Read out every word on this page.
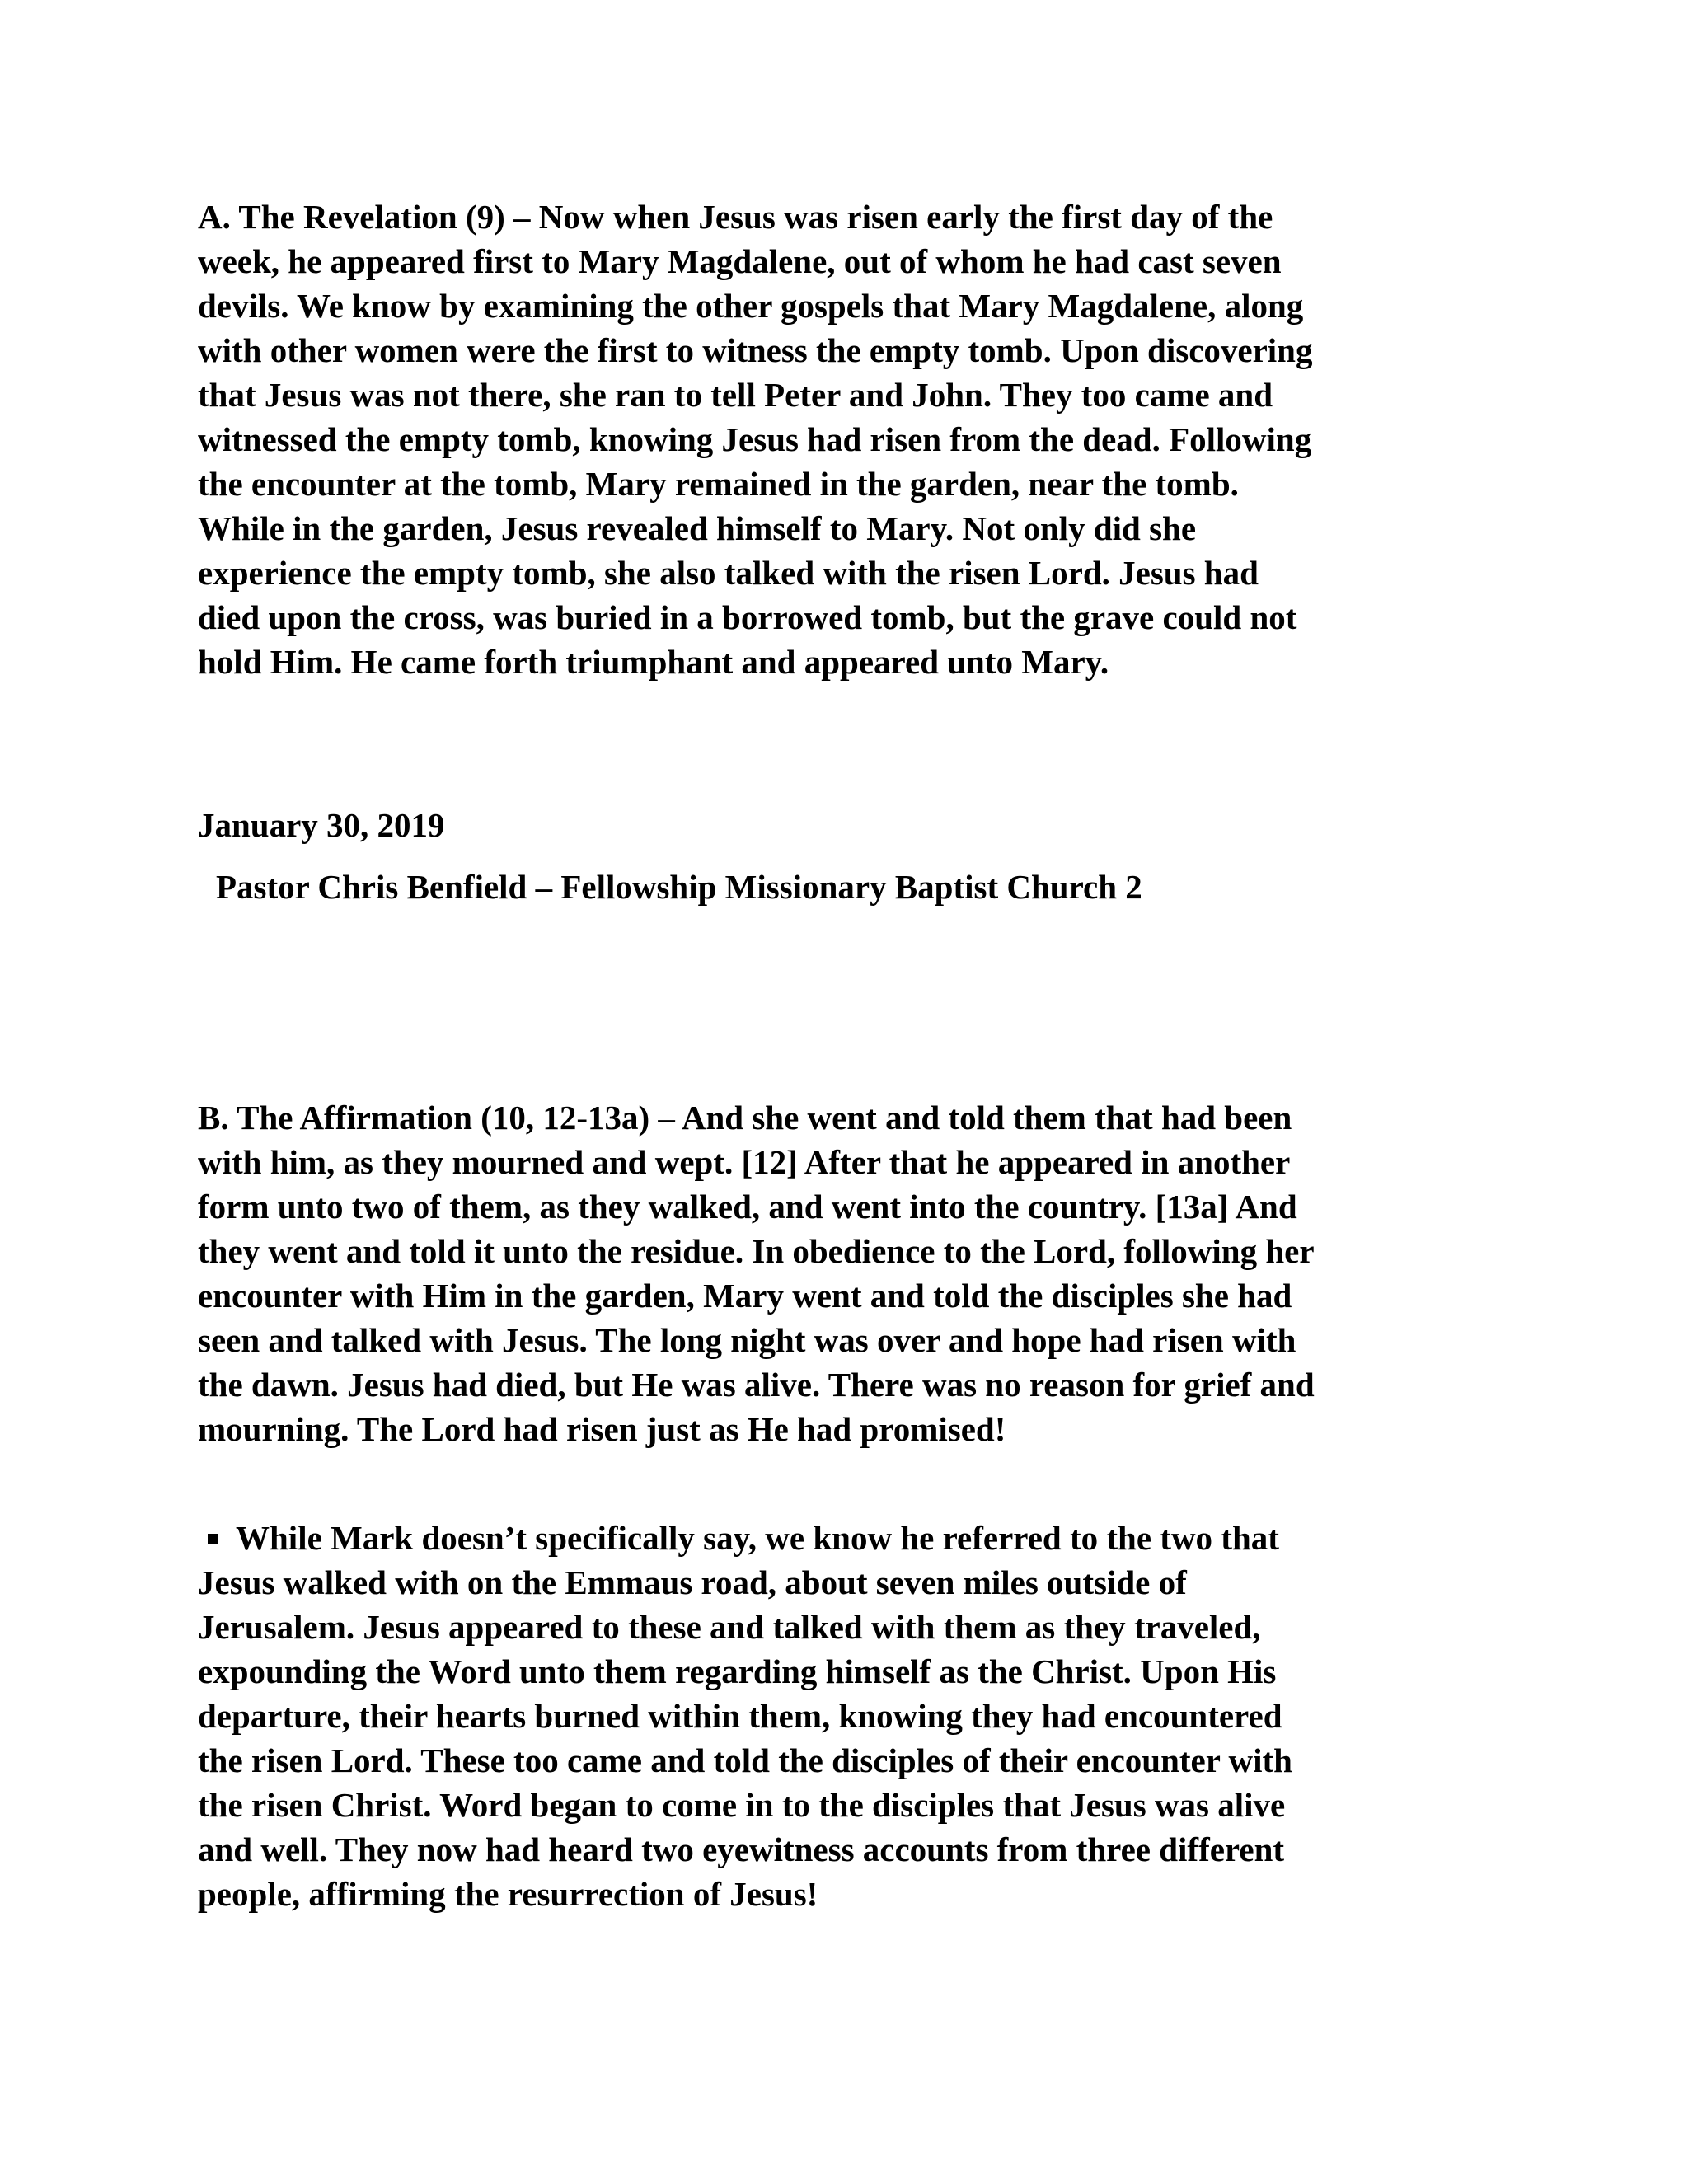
A. The Revelation (9) – Now when Jesus was risen early the first day of the
week, he appeared first to Mary Magdalene, out of whom he had cast seven
devils. We know by examining the other gospels that Mary Magdalene, along
with other women were the first to witness the empty tomb. Upon discovering
that Jesus was not there, she ran to tell Peter and John. They too came and
witnessed the empty tomb, knowing Jesus had risen from the dead. Following
the encounter at the tomb, Mary remained in the garden, near the tomb.
While in the garden, Jesus revealed himself to Mary. Not only did she
experience the empty tomb, she also talked with the risen Lord. Jesus had
died upon the cross, was buried in a borrowed tomb, but the grave could not
hold Him. He came forth triumphant and appeared unto Mary.
January 30, 2019
Pastor Chris Benfield – Fellowship Missionary Baptist Church 2
B. The Affirmation (10, 12-13a) – And she went and told them that had been
with him, as they mourned and wept. [12] After that he appeared in another
form unto two of them, as they walked, and went into the country. [13a] And
they went and told it unto the residue. In obedience to the Lord, following her
encounter with Him in the garden, Mary went and told the disciples she had
seen and talked with Jesus. The long night was over and hope had risen with
the dawn. Jesus had died, but He was alive. There was no reason for grief and
mourning. The Lord had risen just as He had promised!
While Mark doesn’t specifically say, we know he referred to the two that
Jesus walked with on the Emmaus road, about seven miles outside of
Jerusalem. Jesus appeared to these and talked with them as they traveled,
expounding the Word unto them regarding himself as the Christ. Upon His
departure, their hearts burned within them, knowing they had encountered
the risen Lord. These too came and told the disciples of their encounter with
the risen Christ. Word began to come in to the disciples that Jesus was alive
and well. They now had heard two eyewitness accounts from three different
people, affirming the resurrection of Jesus!
